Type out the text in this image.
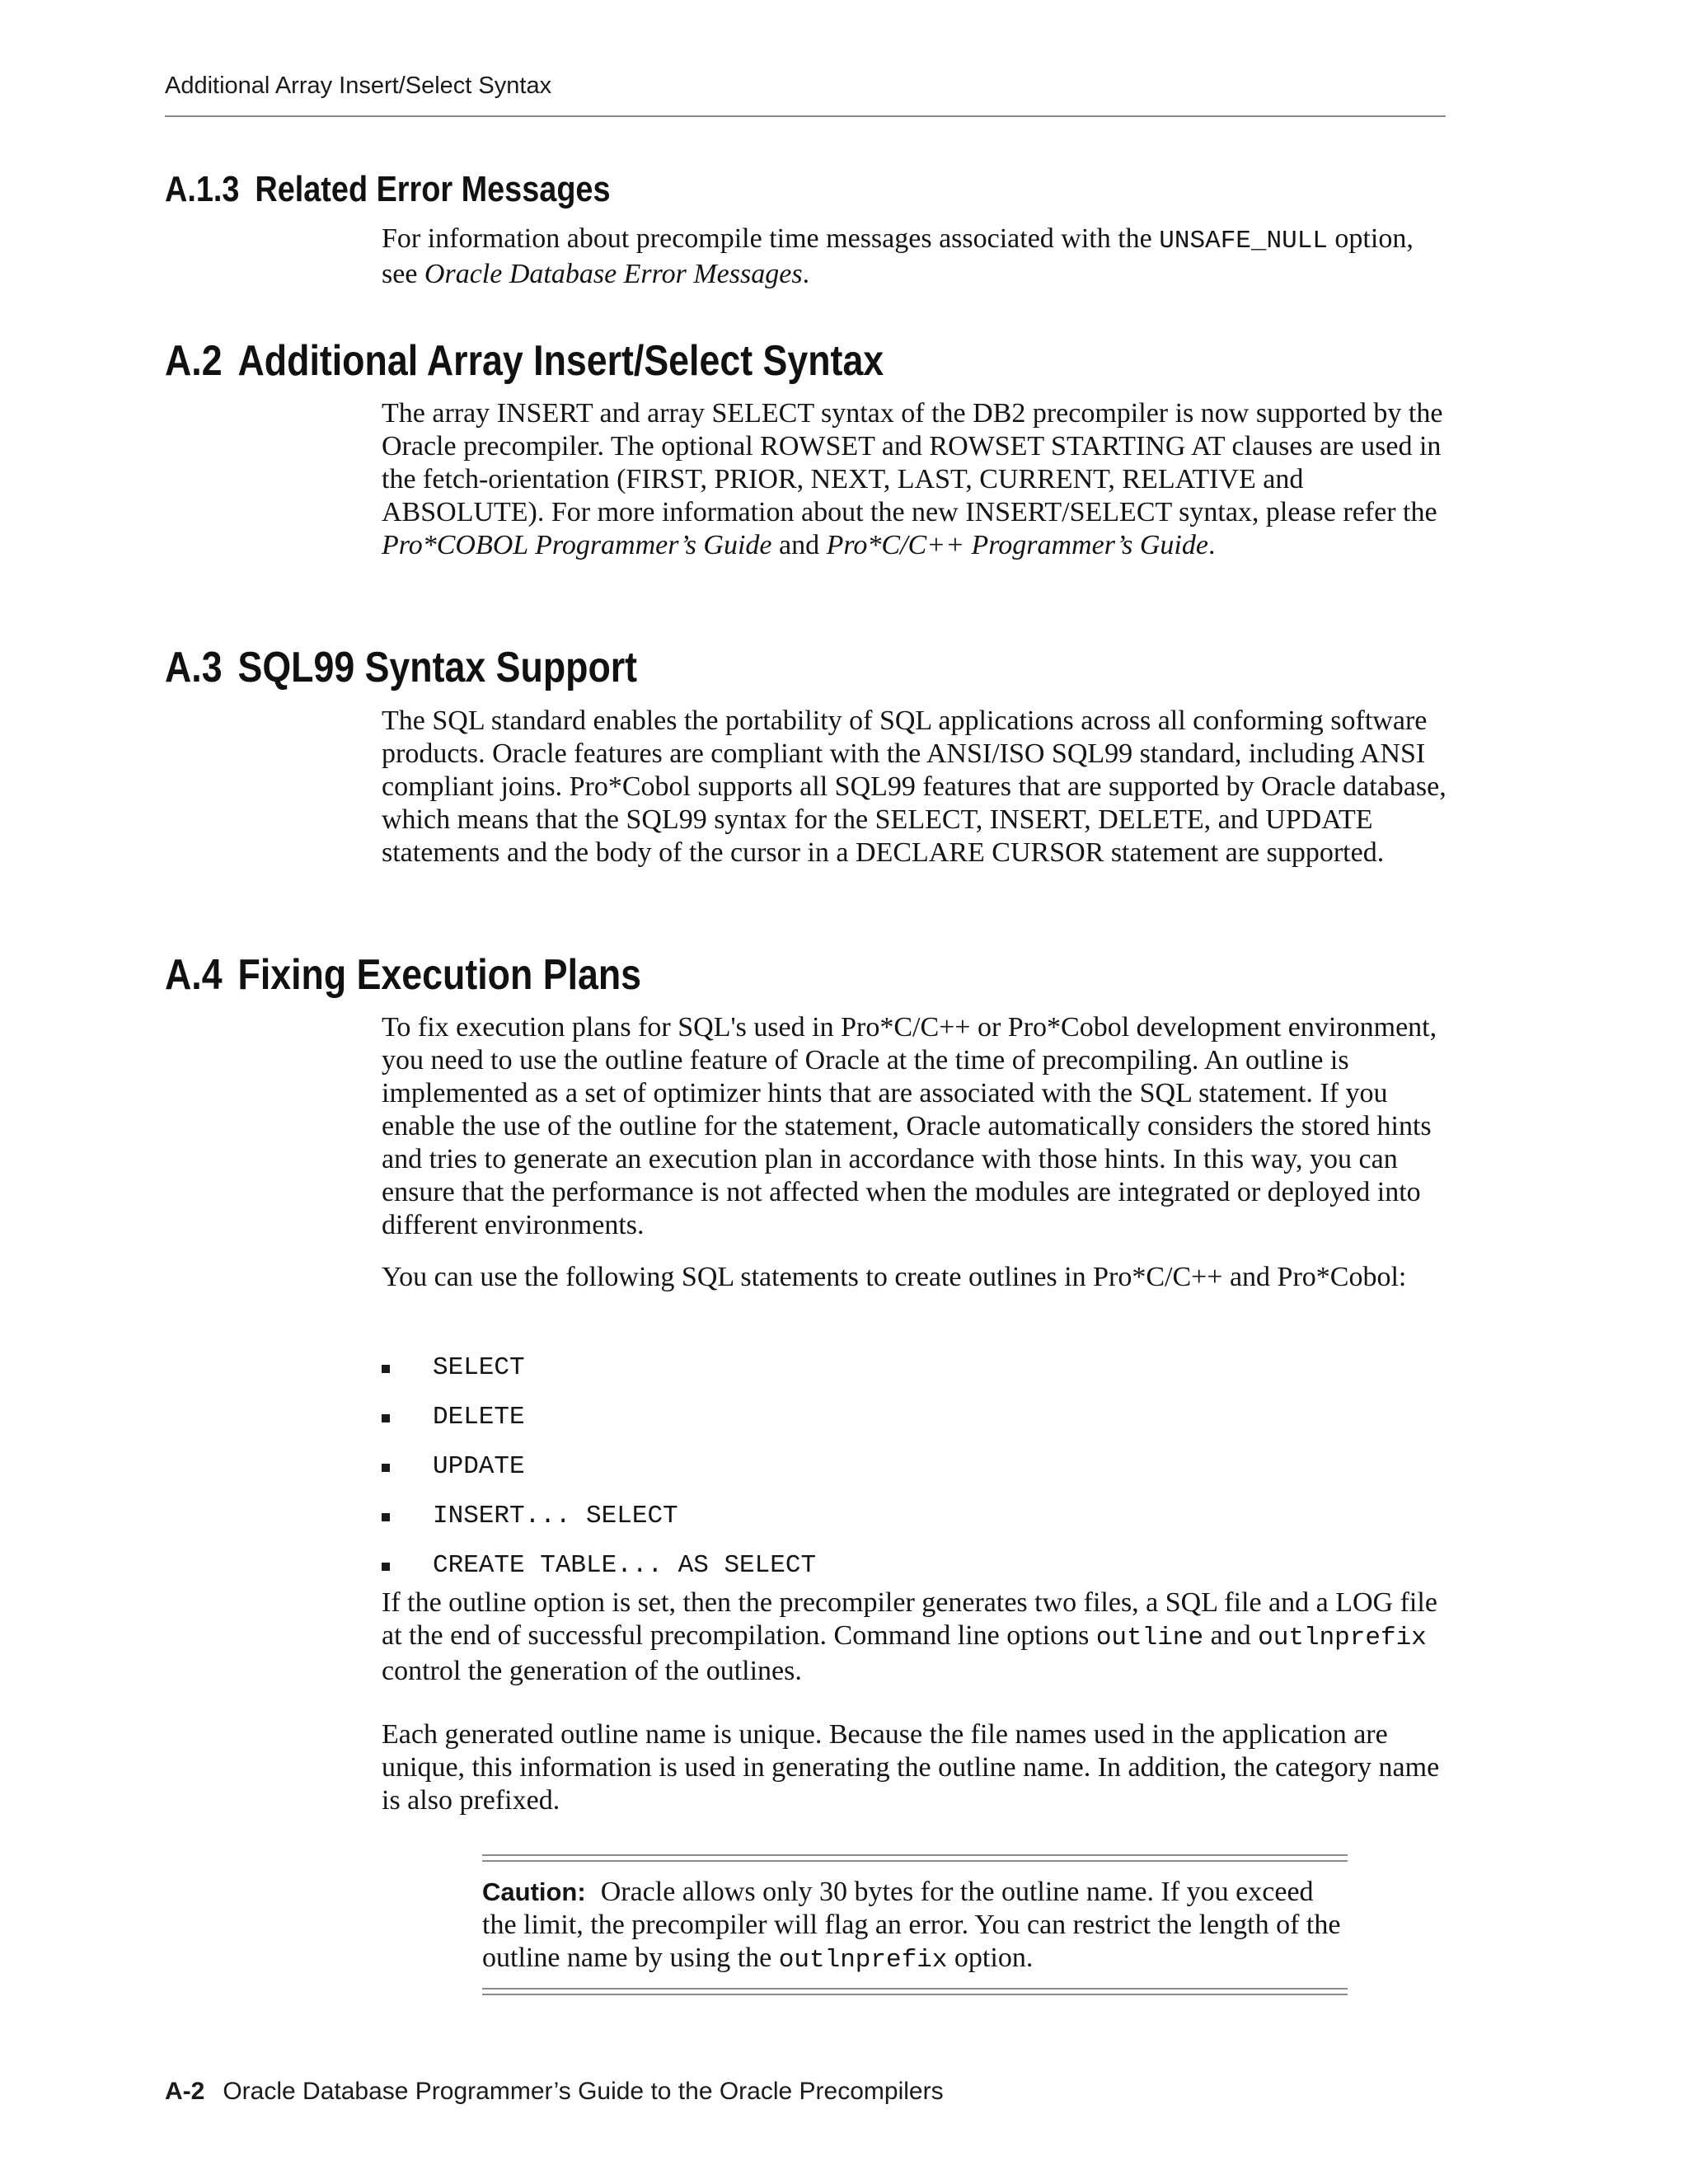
Additional Array Insert/Select Syntax
A.1.3 Related Error Messages

For information about precompile time messages associated with the UNSAFE_NULL option, see Oracle Database Error Messages.

A.2 Additional Array Insert/Select Syntax

The array INSERT and array SELECT syntax of the DB2 precompiler is now supported by the Oracle precompiler. The optional ROWSET and ROWSET STARTING AT clauses are used in the fetch-orientation (FIRST, PRIOR, NEXT, LAST, CURRENT, RELATIVE and ABSOLUTE). For more information about the new INSERT/SELECT syntax, please refer the Pro*COBOL Programmer’s Guide and Pro*C/C++ Programmer’s Guide.

A.3 SQL99 Syntax Support

The SQL standard enables the portability of SQL applications across all conforming software products. Oracle features are compliant with the ANSI/ISO SQL99 standard, including ANSI compliant joins. Pro*Cobol supports all SQL99 features that are supported by Oracle database, which means that the SQL99 syntax for the SELECT, INSERT, DELETE, and UPDATE statements and the body of the cursor in a DECLARE CURSOR statement are supported.

A.4 Fixing Execution Plans

To fix execution plans for SQL's used in Pro*C/C++ or Pro*Cobol development environment, you need to use the outline feature of Oracle at the time of precompiling. An outline is implemented as a set of optimizer hints that are associated with the SQL statement. If you enable the use of the outline for the statement, Oracle automatically considers the stored hints and tries to generate an execution plan in accordance with those hints. In this way, you can ensure that the performance is not affected when the modules are integrated or deployed into different environments.

You can use the following SQL statements to create outlines in Pro*C/C++ and Pro*Cobol:

SELECT
DELETE
UPDATE
INSERT... SELECT
CREATE TABLE... AS SELECT

If the outline option is set, then the precompiler generates two files, a SQL file and a LOG file at the end of successful precompilation. Command line options outline and outlnprefix control the generation of the outlines.

Each generated outline name is unique. Because the file names used in the application are unique, this information is used in generating the outline name. In addition, the category name is also prefixed.

Caution: Oracle allows only 30 bytes for the outline name. If you exceed the limit, the precompiler will flag an error. You can restrict the length of the outline name by using the outlnprefix option.
A-2 Oracle Database Programmer’s Guide to the Oracle Precompilers
